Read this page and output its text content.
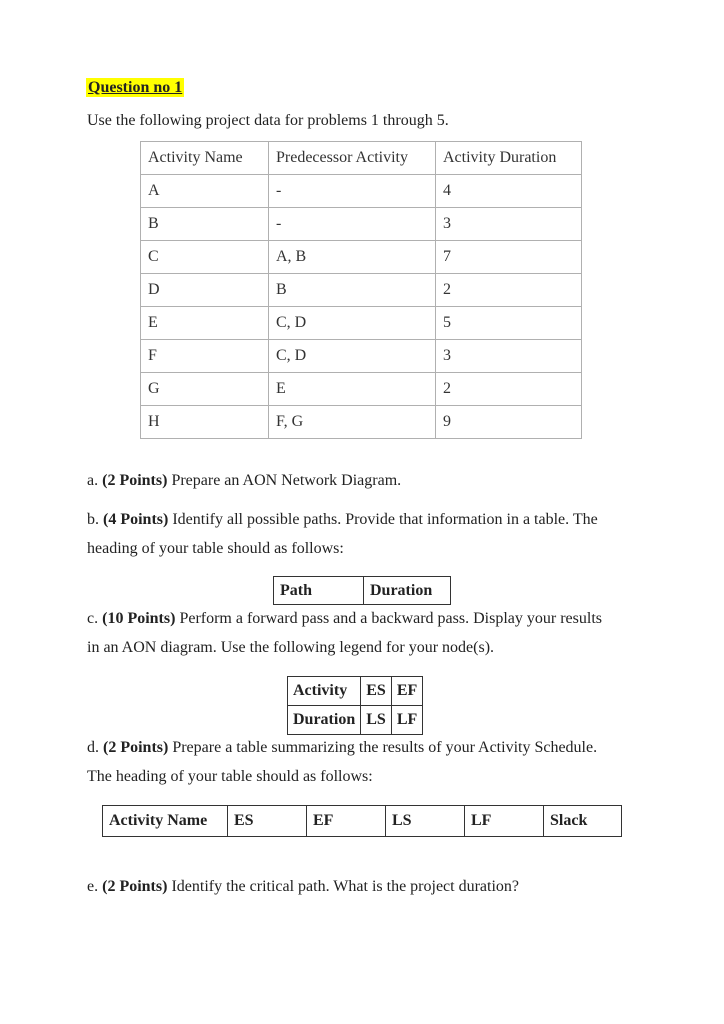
Question no 1
Use the following project data for problems 1 through 5.
Activity Name	Predecessor Activity	Activity Duration
A	-	4
B	-	3
C	A, B	7
D	B	2
E	C, D	5
F	C, D	3
G	E	2
H	F, G	9
a. (2 Points) Prepare an AON Network Diagram.
b. (4 Points) Identify all possible paths. Provide that information in a table. The
heading of your table should as follows:
Path	Duration
c. (10 Points) Perform a forward pass and a backward pass. Display your results
in an AON diagram. Use the following legend for your node(s).
Activity	ES	EF
Duration	LS	LF
d. (2 Points) Prepare a table summarizing the results of your Activity Schedule.
The heading of your table should as follows:
Activity Name	ES	EF	LS	LF	Slack
e. (2 Points) Identify the critical path. What is the project duration?
